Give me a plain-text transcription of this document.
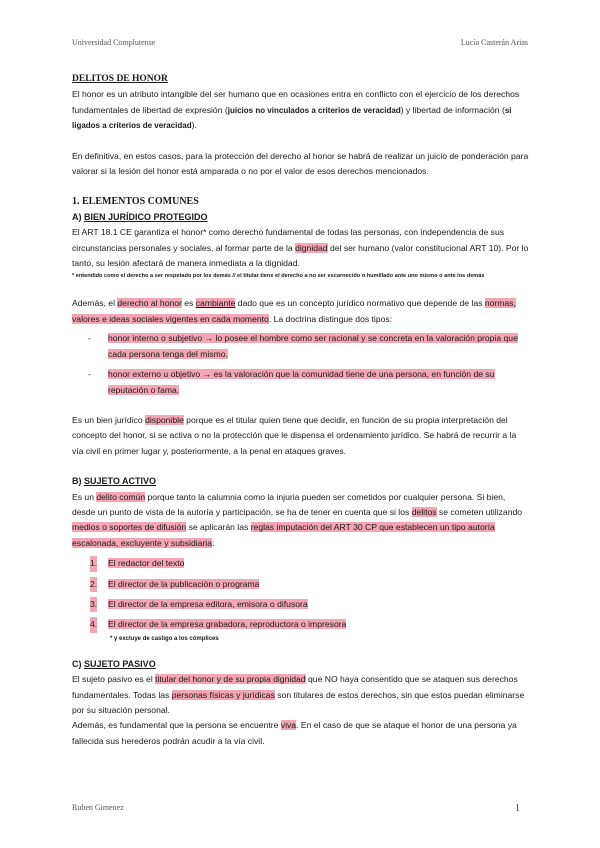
Universidad Complutense	Lucía Casterán Arias

DELITOS DE HONOR

El honor es un atributo intangible del ser humano que en ocasiones entra en conflicto con el ejercicio de los derechos fundamentales de libertad de expresión (juicios no vinculados a criterios de veracidad) y libertad de información (si ligados a criterios de veracidad).

En definitiva, en estos casos, para la protección del derecho al honor se habrá de realizar un juicio de ponderación para valorar si la lesión del honor está amparada o no por el valor de esos derechos mencionados.

1. ELEMENTOS COMUNES

A) BIEN JURÍDICO PROTEGIDO

El ART 18.1 CE garantiza el honor* como derecho fundamental de todas las personas, con independencia de sus circunstancias personales y sociales, al formar parte de la dignidad del ser humano (valor constitucional ART 10). Por lo tanto, su lesión afectará de manera inmediata a la dignidad.

* entendido como el derecho a ser respetado por los demás // el titular tiene el derecho a no ser escarnecido o humillado ante uno mismo o ante los demás

Además, el derecho al honor es cambiante dado que es un concepto jurídico normativo que depende de las normas, valores e ideas sociales vigentes en cada momento. La doctrina distingue dos tipos:

- honor interno o subjetivo → lo posee el hombre como ser racional y se concreta en la valoración propia que cada persona tenga del mismo.

- honor externo u objetivo → es la valoración que la comunidad tiene de una persona, en función de su reputación o fama.

Es un bien jurídico disponible porque es el titular quien tiene que decidir, en función de su propia interpretación del concepto del honor, si se activa o no la protección que le dispensa el ordenamiento jurídico. Se habrá de recurrir a la vía civil en primer lugar y, posteriormente, a la penal en ataques graves.

B) SUJETO ACTIVO

Es un delito común porque tanto la calumnia como la injuria pueden ser cometidos por cualquier persona. Si bien, desde un punto de vista de la autoría y participación, se ha de tener en cuenta que si los delitos se cometen utilizando medios o soportes de difusión se aplicarán las reglas imputación del ART 30 CP que establecen un tipo autoría escalonada, excluyente y subsidiaria:

1. El redactor del texto

2. El director de la publicación o programa

3. El director de la empresa editora, emisora o difusora

4. El director de la empresa grabadora, reproductora o impresora

* y excluye de castigo a los cómplices

C) SUJETO PASIVO

El sujeto pasivo es el titular del honor y de su propia dignidad que NO haya consentido que se ataquen sus derechos fundamentales. Todas las personas físicas y jurídicas son titulares de estos derechos, sin que estos puedan eliminarse por su situación personal.

Además, es fundamental que la persona se encuentre viva. En el caso de que se ataque el honor de una persona ya fallecida sus herederos podrán acudir a la vía civil.

Ruben Gimenez	1
